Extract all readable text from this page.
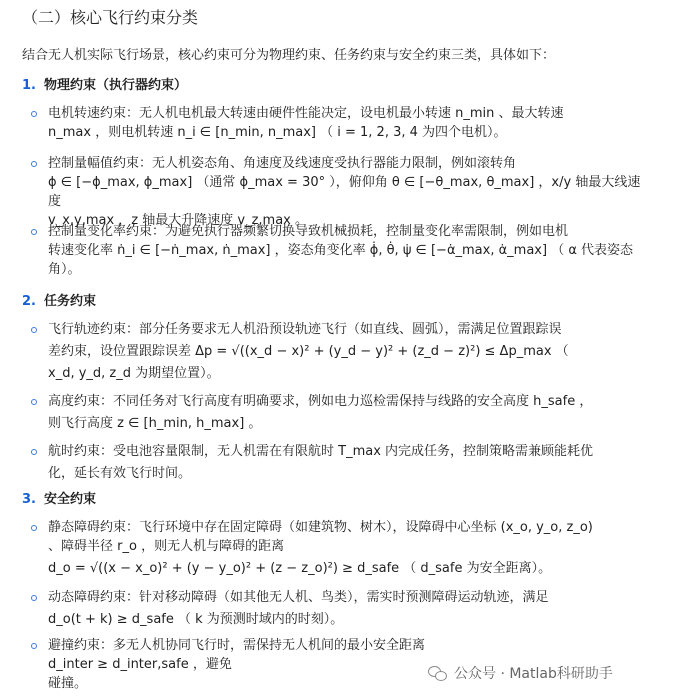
（二）核心飞行约束分类

结合无人机实际飞行场景，核心约束可分为物理约束、任务约束与安全约束三类，具体如下：

1. 物理约束（执行器约束）

电机转速约束：无人机电机最大转速由硬件性能决定，设电机最小转速 n_min 、最大转速
n_max ，则电机转速 n_i ∈ [n_min, n_max] （ i = 1, 2, 3, 4 为四个电机）。
控制量幅值约束：无人机姿态角、角速度及线速度受执行器能力限制，例如滚转角
ϕ ∈ [−ϕ_max, ϕ_max] （通常 ϕ_max = 30° ），俯仰角 θ ∈ [−θ_max, θ_max] ，x/y 轴最大线速度
v_x,y,max ，z 轴最大升降速度 v_z,max 。
控制量变化率约束：为避免执行器频繁切换导致机械损耗，控制量变化率需限制，例如电机
转速变化率 ṅ_i ∈ [−ṅ_max, ṅ_max] ，姿态角变化率 ϕ̇, θ̇, ψ̇ ∈ [−α̇_max, α̇_max] （ α 代表姿态
角）。

2. 任务约束

飞行轨迹约束：部分任务要求无人机沿预设轨迹飞行（如直线、圆弧），需满足位置跟踪误
差约束，设位置跟踪误差 Δp = √((x_d − x)² + (y_d − y)² + (z_d − z)²) ≤ Δp_max （
x_d, y_d, z_d 为期望位置）。
高度约束：不同任务对飞行高度有明确要求，例如电力巡检需保持与线路的安全高度 h_safe ，
则飞行高度 z ∈ [h_min, h_max] 。
航时约束：受电池容量限制，无人机需在有限航时 T_max 内完成任务，控制策略需兼顾能耗优
化，延长有效飞行时间。

3. 安全约束

静态障碍约束：飞行环境中存在固定障碍（如建筑物、树木），设障碍中心坐标 (x_o, y_o, z_o)
、障碍半径 r_o ，则无人机与障碍的距离
d_o = √((x − x_o)² + (y − y_o)² + (z − z_o)²) ≥ d_safe （ d_safe 为安全距离）。
动态障碍约束：针对移动障碍（如其他无人机、鸟类），需实时预测障碍运动轨迹，满足
d_o(t + k) ≥ d_safe （ k 为预测时域内的时刻）。
避撞约束：多无人机协同飞行时，需保持无人机间的最小安全距离 d_inter ≥ d_inter,safe ，避免
碰撞。
公众号 · Matlab科研助手
